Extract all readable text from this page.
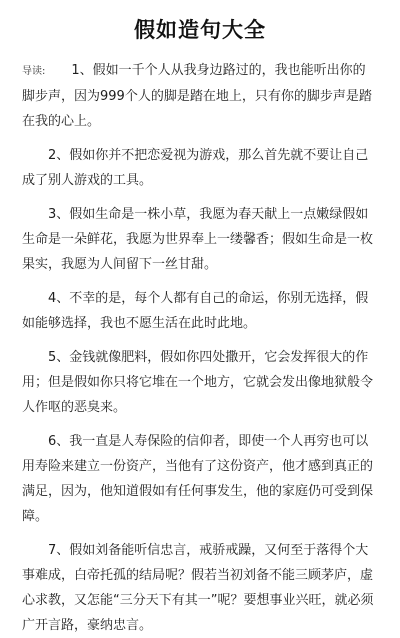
假如造句大全

导读: 1、假如一千个人从我身边路过的，我也能听出你的脚步声，因为999个人的脚是踏在地上，只有你的脚步声是踏在我的心上。

2、假如你并不把恋爱视为游戏，那么首先就不要让自己成了别人游戏的工具。

3、假如生命是一株小草，我愿为春天献上一点嫩绿假如生命是一朵鲜花，我愿为世界奉上一缕馨香；假如生命是一枚果实，我愿为人间留下一丝甘甜。

4、不幸的是，每个人都有自己的命运，你别无选择，假如能够选择，我也不愿生活在此时此地。

5、金钱就像肥料，假如你四处撒开，它会发挥很大的作用；但是假如你只将它堆在一个地方，它就会发出像地狱般令人作呕的恶臭来。

6、我一直是人寿保险的信仰者，即使一个人再穷也可以用寿险来建立一份资产，当他有了这份资产，他才感到真正的满足，因为，他知道假如有任何事发生，他的家庭仍可受到保障。

7、假如刘备能听信忠言，戒骄戒躁，又何至于落得个大事难成，白帝托孤的结局呢？假若当初刘备不能三顾茅庐，虚心求教，又怎能“三分天下有其一”呢？要想事业兴旺，就必须广开言路，豪纳忠言。
